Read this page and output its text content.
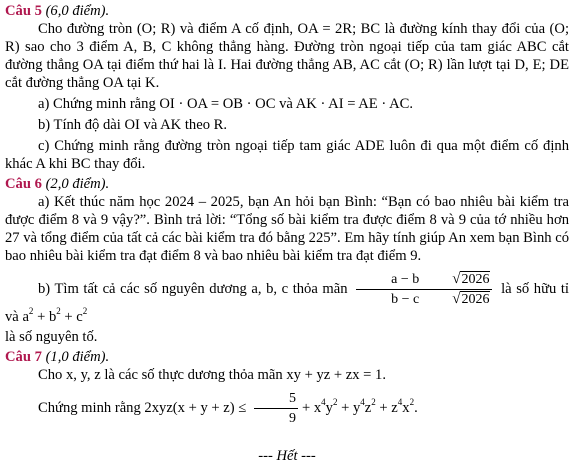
Câu 5 (6,0 điểm).

Cho đường tròn (O; R) và điểm A cố định, OA = 2R; BC là đường kính thay đổi của (O; R) sao cho 3 điểm A, B, C không thẳng hàng. Đường tròn ngoại tiếp của tam giác ABC cắt đường thẳng OA tại điểm thứ hai là I. Hai đường thẳng AB, AC cắt (O; R) lần lượt tại D, E; DE cắt đường thẳng OA tại K.

a) Chứng minh rằng OI · OA = OB · OC và AK · AI = AE · AC.

b) Tính độ dài OI và AK theo R.

c) Chứng minh rằng đường tròn ngoại tiếp tam giác ADE luôn đi qua một điểm cố định khác A khi BC thay đổi.

Câu 6 (2,0 điểm).

a) Kết thúc năm học 2024 – 2025, bạn An hỏi bạn Bình: “Bạn có bao nhiêu bài kiểm tra được điểm 8 và 9 vậy?”. Bình trả lời: “Tổng số bài kiểm tra được điểm 8 và 9 của tớ nhiều hơn 27 và tổng điểm của tất cả các bài kiểm tra đó bằng 225”. Em hãy tính giúp An xem bạn Bình có bao nhiêu bài kiểm tra đạt điểm 8 và bao nhiêu bài kiểm tra đạt điểm 9.

b) Tìm tất cả các số nguyên dương a, b, c thỏa mãn $\frac{a - b √2026}{b - c √2026}$ là số hữu tỉ và $a^2 + b^2 + c^2$

là số nguyên tố.

Câu 7 (1,0 điểm).

Cho x, y, z là các số thực dương thỏa mãn xy + yz + zx = 1.

Chứng minh rằng $2xyz(x + y + z) \le \frac{5}{9} + x^4y^2 + y^4z^2 + z^4x^2$.

--- Hết ---
